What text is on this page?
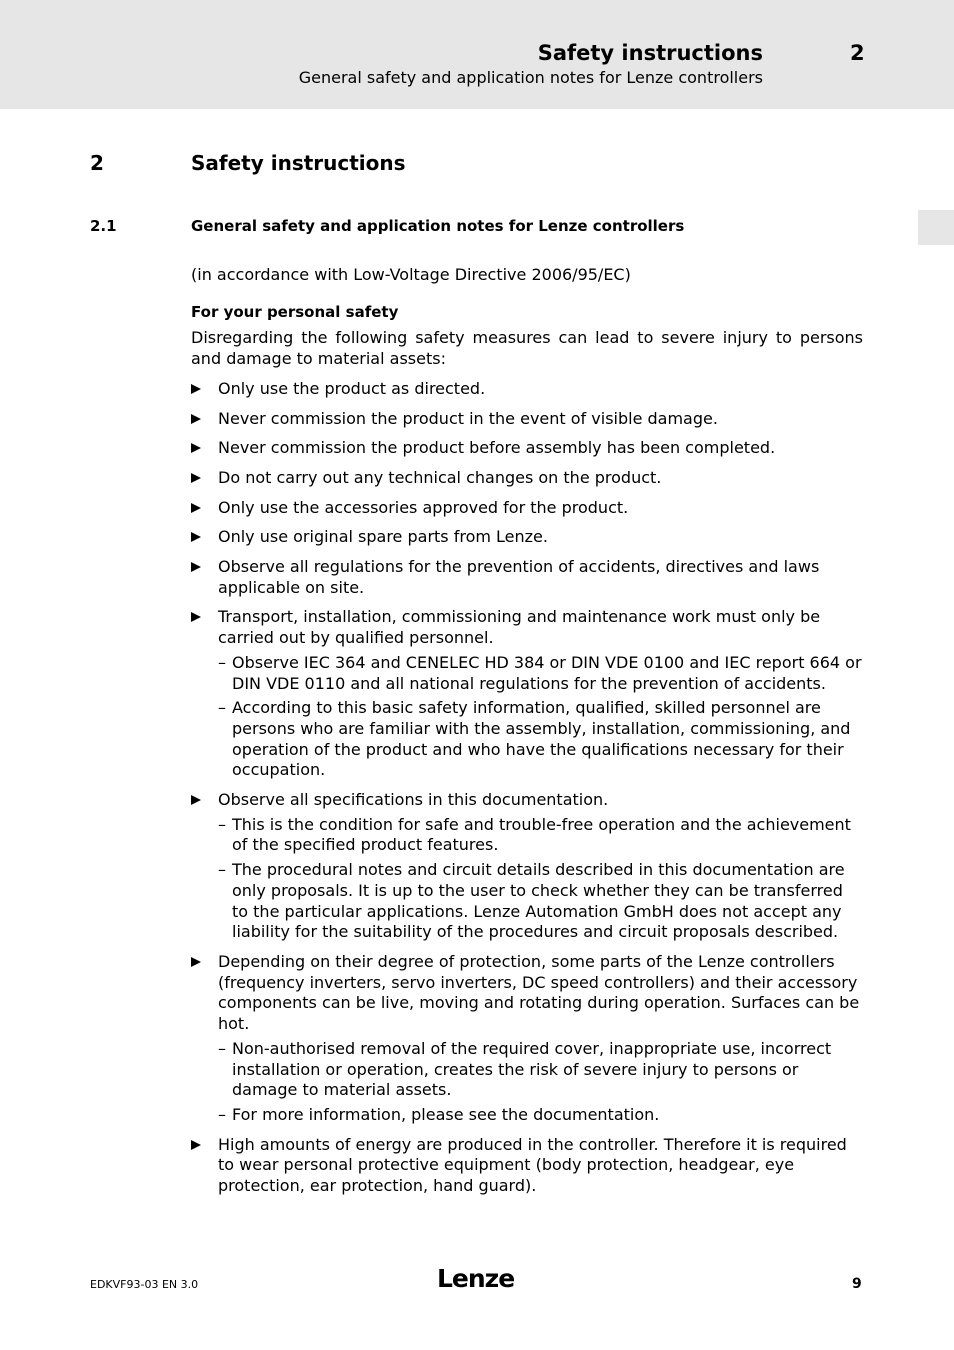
Safety instructions	2
General safety and application notes for Lenze controllers
2	Safety instructions
2.1	General safety and application notes for Lenze controllers

(in accordance with Low-Voltage Directive 2006/95/EC)

For your personal safety

Disregarding the following safety measures can lead to severe injury to persons and damage to material assets:

Only use the product as directed.
Never commission the product in the event of visible damage.
Never commission the product before assembly has been completed.
Do not carry out any technical changes on the product.
Only use the accessories approved for the product.
Only use original spare parts from Lenze.
Observe all regulations for the prevention of accidents, directives and laws applicable on site.
Transport, installation, commissioning and maintenance work must only be carried out by qualified personnel.
– Observe IEC 364 and CENELEC HD 384 or DIN VDE 0100 and IEC report 664 or DIN VDE 0110 and all national regulations for the prevention of accidents.
– According to this basic safety information, qualified, skilled personnel are persons who are familiar with the assembly, installation, commissioning, and operation of the product and who have the qualifications necessary for their occupation.
Observe all specifications in this documentation.
– This is the condition for safe and trouble-free operation and the achievement of the specified product features.
– The procedural notes and circuit details described in this documentation are only proposals. It is up to the user to check whether they can be transferred to the particular applications. Lenze Automation GmbH does not accept any liability for the suitability of the procedures and circuit proposals described.
Depending on their degree of protection, some parts of the Lenze controllers (frequency inverters, servo inverters, DC speed controllers) and their accessory components can be live, moving and rotating during operation. Surfaces can be hot.
– Non-authorised removal of the required cover, inappropriate use, incorrect installation or operation, creates the risk of severe injury to persons or damage to material assets.
– For more information, please see the documentation.
High amounts of energy are produced in the controller. Therefore it is required to wear personal protective equipment (body protection, headgear, eye protection, ear protection, hand guard).
EDKVF93-03 EN 3.0	Lenze	9
